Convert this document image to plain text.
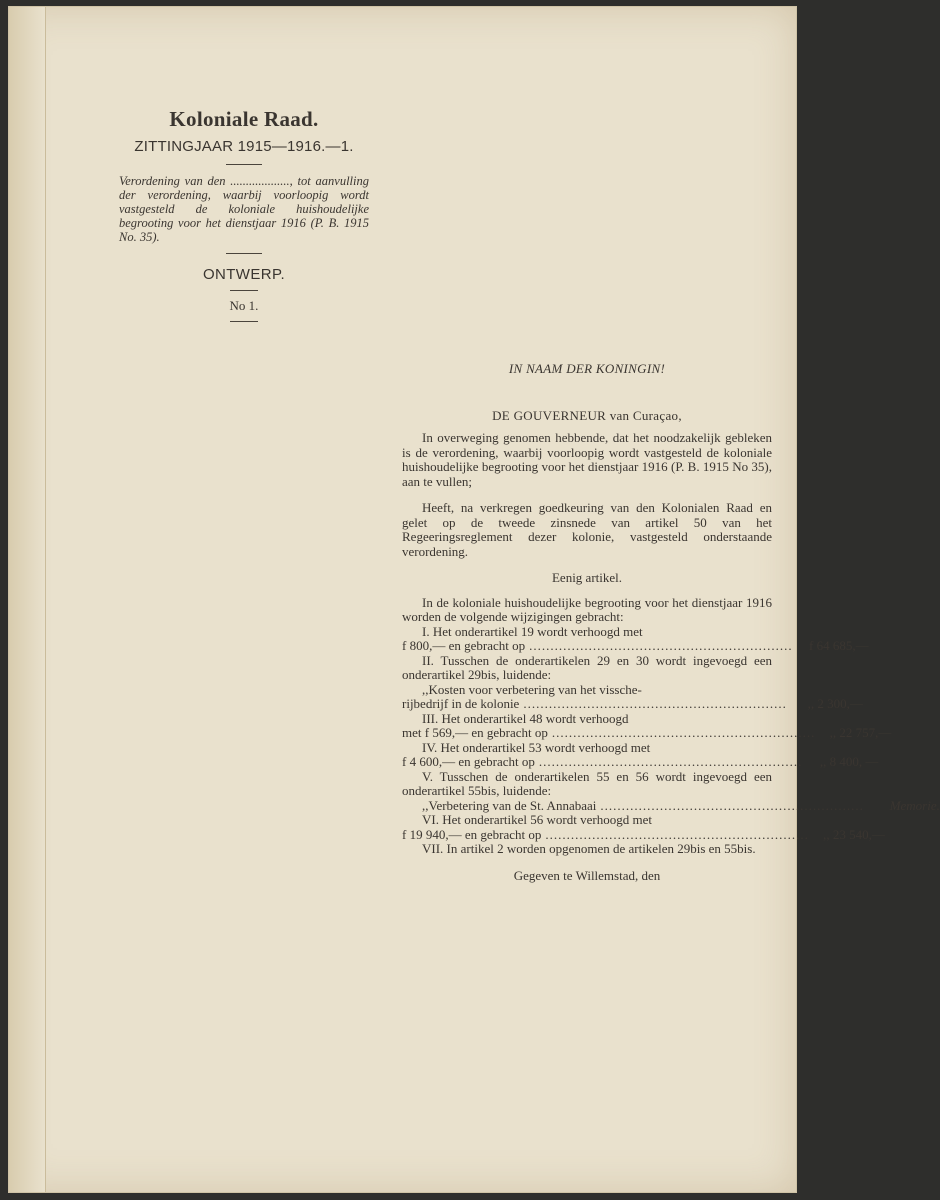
Koloniale Raad.
ZITTINGJAAR 1915—1916.—1.

Verordening van den ..................., tot aanvulling der verordening, waarbij voorloopig wordt vastgesteld de koloniale huishoudelijke begrooting voor het dienstjaar 1916 (P. B. 1915 No. 35).

ONTWERP.
No 1.
IN NAAM DER KONINGIN!
DE GOUVERNEUR van Curaçao,

In overweging genomen hebbende, dat het noodzakelijk gebleken is de verordening, waarbij voorloopig wordt vastgesteld de koloniale huishoudelijke begrooting voor het dienstjaar 1916 (P. B. 1915 No 35), aan te vullen;

Heeft, na verkregen goedkeuring van den Kolonialen Raad en gelet op de tweede zinsnede van artikel 50 van het Regeeringsreglement dezer kolonie, vastgesteld onderstaande verordening.

Eenig artikel.

In de koloniale huishoudelijke begrooting voor het dienstjaar 1916 worden de volgende wijzigingen gebracht:

I. Het onderartikel 19 wordt verhoogd met
f 800,— en gebracht op ..............................................................	f 64 685,—
II. Tusschen de onderartikelen 29 en 30 wordt ingevoegd een onderartikel 29bis, luidende:
,,Kosten voor verbetering van het vissche-
rijbedrijf in de kolonie ..............................................................	,, 2 300,—
III. Het onderartikel 48 wordt verhoogd
met f 569,— en gebracht op ..............................................................	,, 22 757,—
IV. Het onderartikel 53 wordt verhoogd met
f 4 600,— en gebracht op ..............................................................	,, 8 400, —
V. Tusschen de onderartikelen 55 en 56 wordt ingevoegd een onderartikel 55bis, luidende:
,,Verbetering van de St. Annabaai ..............................................................	Memorie.
VI. Het onderartikel 56 wordt verhoogd met
f 19 940,— en gebracht op ..............................................................	,, 23 540,—
VII. In artikel 2 worden opgenomen de artikelen 29bis en 55bis.
Gegeven te Willemstad, den
